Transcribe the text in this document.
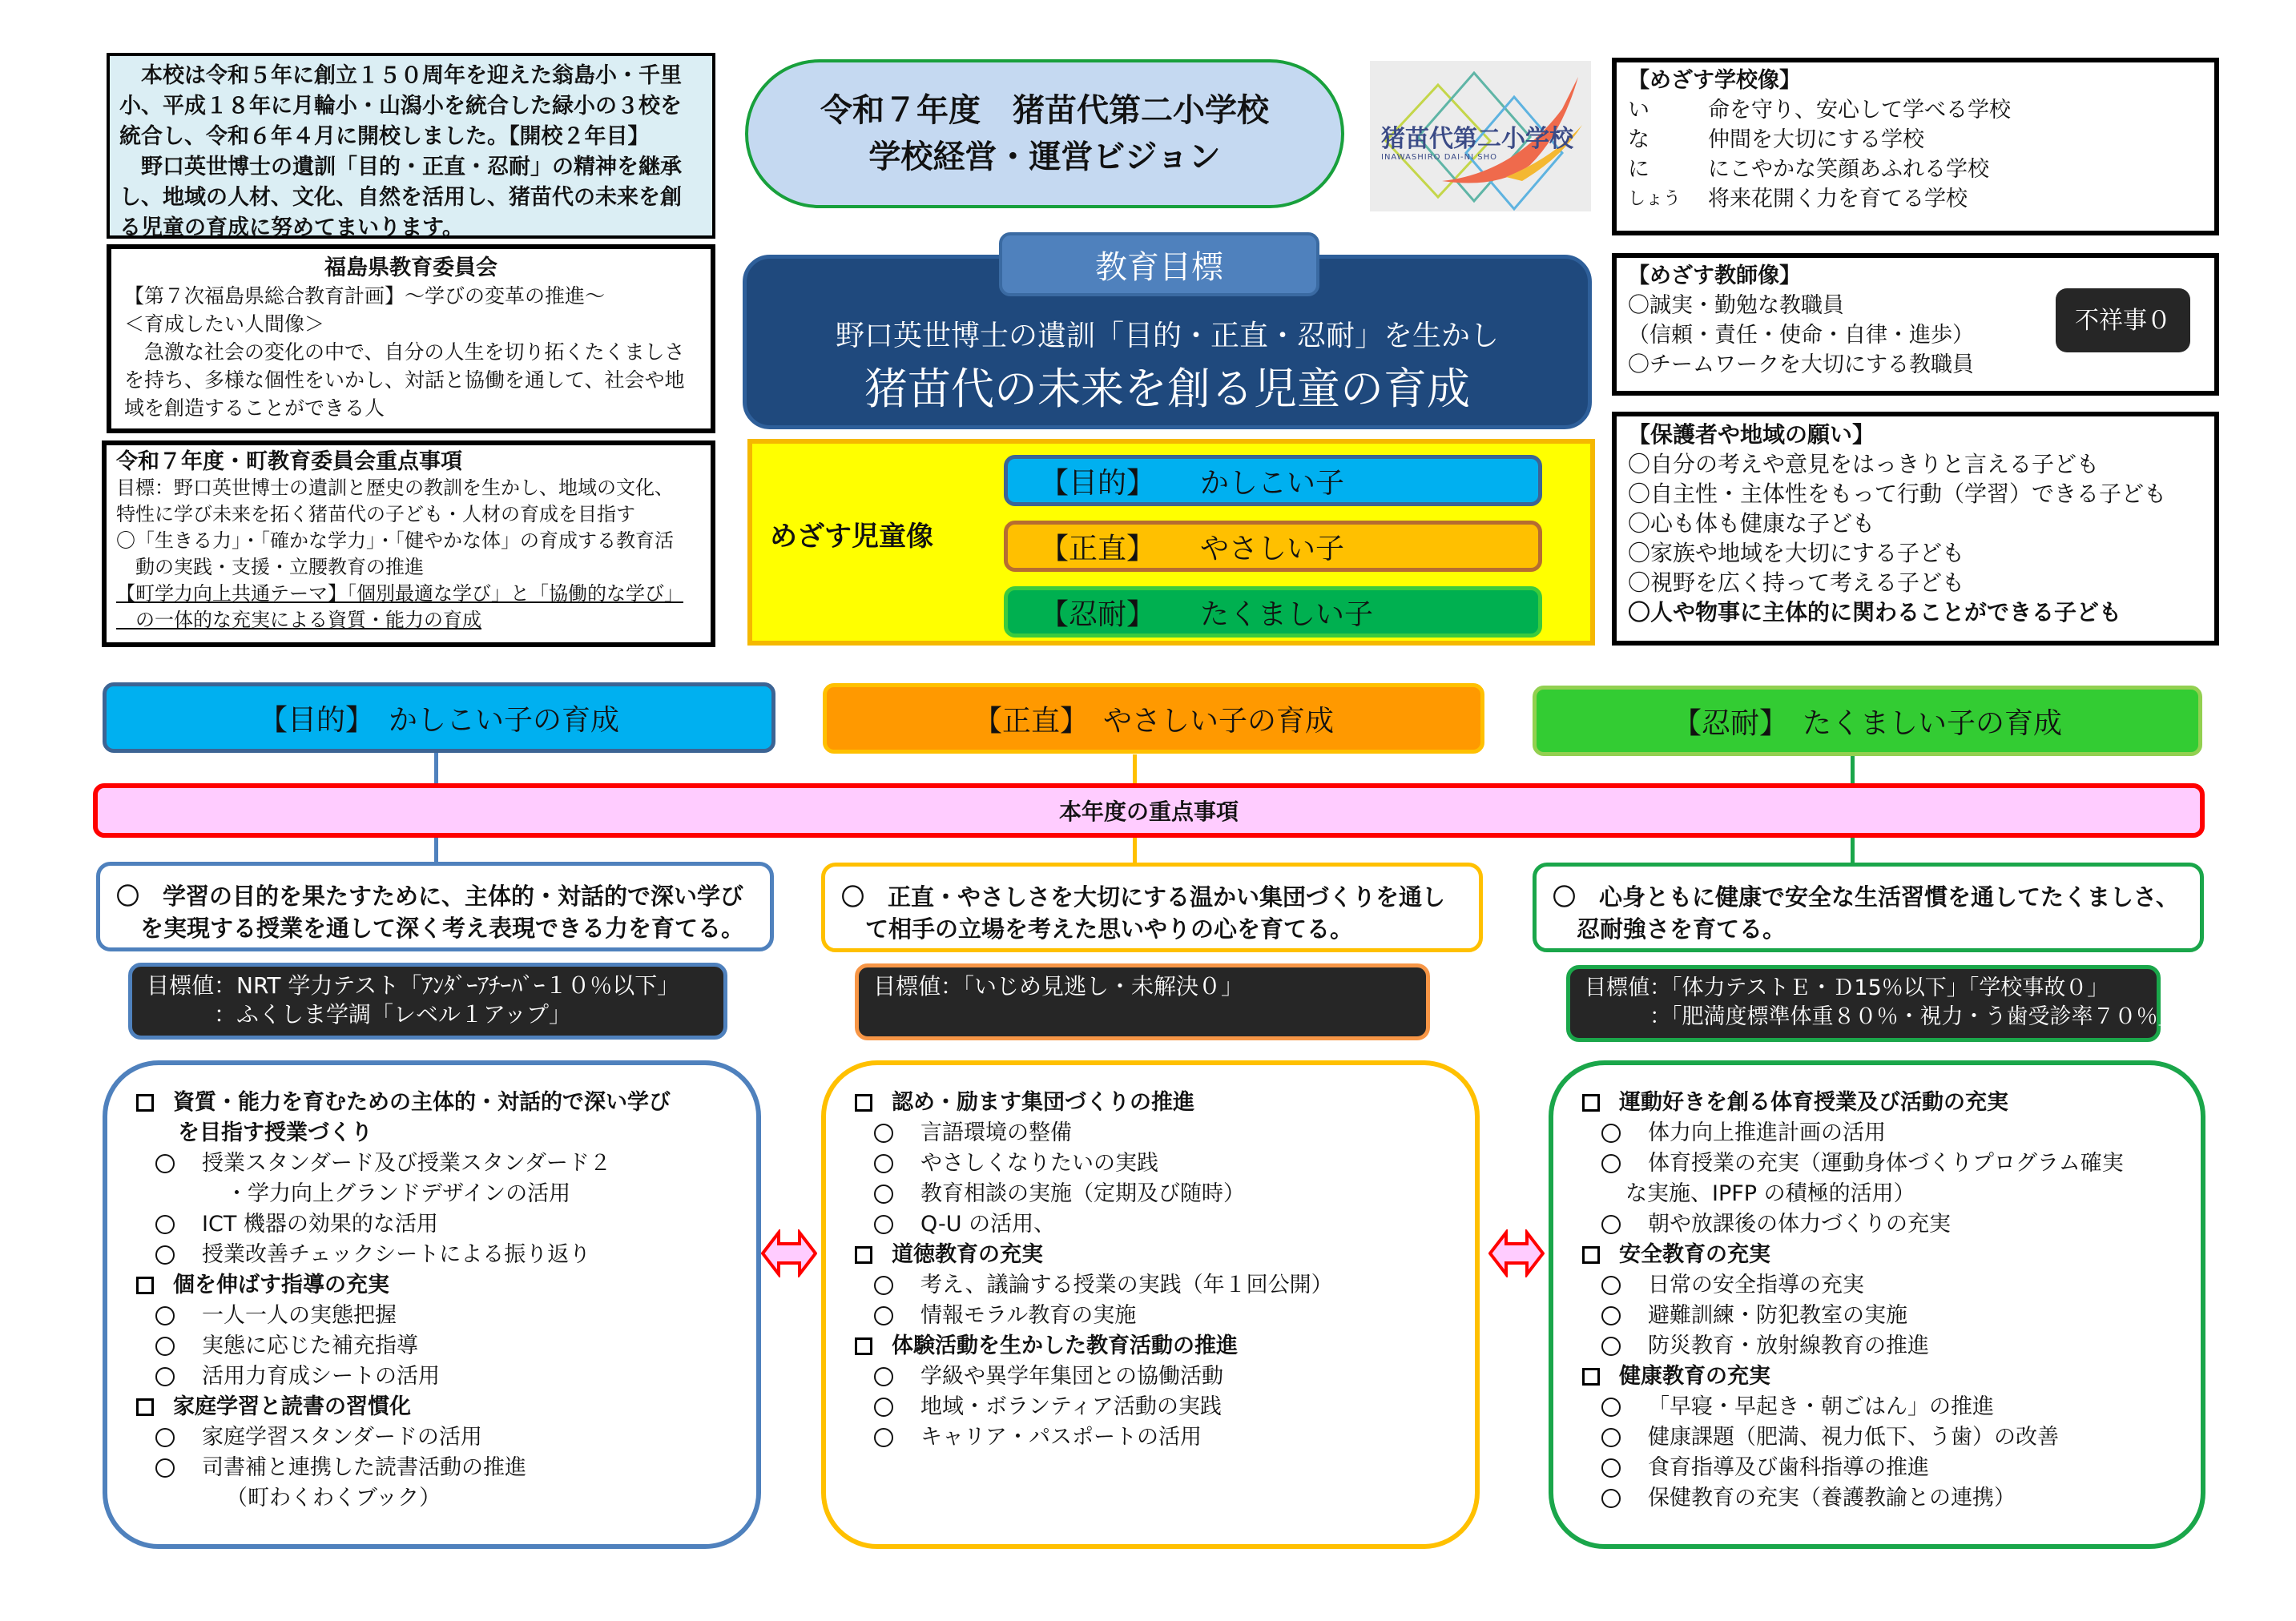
　本校は令和５年に創立１５０周年を迎えた翁島小・千里
小、平成１８年に月輪小・山潟小を統合した緑小の３校を
統合し、令和６年４月に開校しました。【開校２年目】
　野口英世博士の遺訓「目的・正直・忍耐」の精神を継承
し、地域の人材、文化、自然を活用し、猪苗代の未来を創
る児童の育成に努めてまいります。
福島県教育委員会
【第７次福島県総合教育計画】～学びの変革の推進～
＜育成したい人間像＞
　急激な社会の変化の中で、自分の人生を切り拓くたくましさ
を持ち、多様な個性をいかし、対話と協働を通して、社会や地
域を創造することができる人
令和７年度・町教育委員会重点事項
目標：野口英世博士の遺訓と歴史の教訓を生かし、地域の文化、
特性に学び未来を拓く猪苗代の子ども・人材の育成を目指す
〇「生きる力」・「確かな学力」・「健やかな体」の育成する教育活
　動の実践・支援・立腰教育の推進
【町学力向上共通テーマ】「個別最適な学び」と「協働的な学び」
　の一体的な充実による資質・能力の育成
令和７年度　猪苗代第二小学校
学校経営・運営ビジョン	猪苗代第二小学校
INAWASHIRO DAI-NI SHO
教育目標
野口英世博士の遺訓「目的・正直・忍耐」を生かし
猪苗代の未来を創る児童の育成
めざす児童像
【目的】	かしこい子
【正直】	やさしい子
【忍耐】	たくましい子
【めざす学校像】
い	命を守り、安心して学べる学校
な	仲間を大切にする学校
に	にこやかな笑顔あふれる学校
しょう	将来花開く力を育てる学校
【めざす教師像】
〇誠実・勤勉な教職員
（信頼・責任・使命・自律・進歩）
〇チームワークを大切にする教職員
不祥事０
【保護者や地域の願い】
〇自分の考えや意見をはっきりと言える子ども
〇自主性・主体性をもって行動（学習）できる子ども
〇心も体も健康な子ども
〇家族や地域を大切にする子ども
〇視野を広く持って考える子ども
〇人や物事に主体的に関わることができる子ども
【目的】　かしこい子の育成	【正直】　やさしい子の育成	【忍耐】　たくましい子の育成
本年度の重点事項
〇　学習の目的を果たすために、主体的・対話的で深い学び
を実現する授業を通して深く考え表現できる力を育てる。
〇　正直・やさしさを大切にする温かい集団づくりを通し
て相手の立場を考えた思いやりの心を育てる。
〇　心身ともに健康で安全な生活習慣を通してたくましさ、
忍耐強さを育てる。
目標値：NRT 学力テスト「ｱﾝﾀﾞｰｱﾁｰﾊﾞｰ１０％以下」
　　　：ふくしま学調「レベル１アップ」
目標値：「いじめ見逃し・未解決０」	目標値：「体力テストＥ・Ｄ15％以下」「学校事故０」
　　　：「肥満度標準体重８０％・視力・う歯受診率７０％」
資質・能力を育むための主体的・対話的で深い学び
を目指す授業づくり
授業スタンダード及び授業スタンダード２
・学力向上グランドデザインの活用
ICT 機器の効果的な活用
授業改善チェックシートによる振り返り
個を伸ばす指導の充実
一人一人の実態把握
実態に応じた補充指導
活用力育成シートの活用
家庭学習と読書の習慣化
家庭学習スタンダードの活用
司書補と連携した読書活動の推進
（町わくわくブック）
認め・励ます集団づくりの推進
言語環境の整備
やさしくなりたいの実践
教育相談の実施（定期及び随時）
Q-U の活用、
道徳教育の充実
考え、議論する授業の実践（年１回公開）
情報モラル教育の実施
体験活動を生かした教育活動の推進
学級や異学年集団との協働活動
地域・ボランティア活動の実践
キャリア・パスポートの活用
運動好きを創る体育授業及び活動の充実
体力向上推進計画の活用
体育授業の充実（運動身体づくりプログラム確実
な実施、IPFP の積極的活用）
朝や放課後の体力づくりの充実
安全教育の充実
日常の安全指導の充実
避難訓練・防犯教室の実施
防災教育・放射線教育の推進
健康教育の充実
「早寝・早起き・朝ごはん」の推進
健康課題（肥満、視力低下、う歯）の改善
食育指導及び歯科指導の推進
保健教育の充実（養護教諭との連携）
